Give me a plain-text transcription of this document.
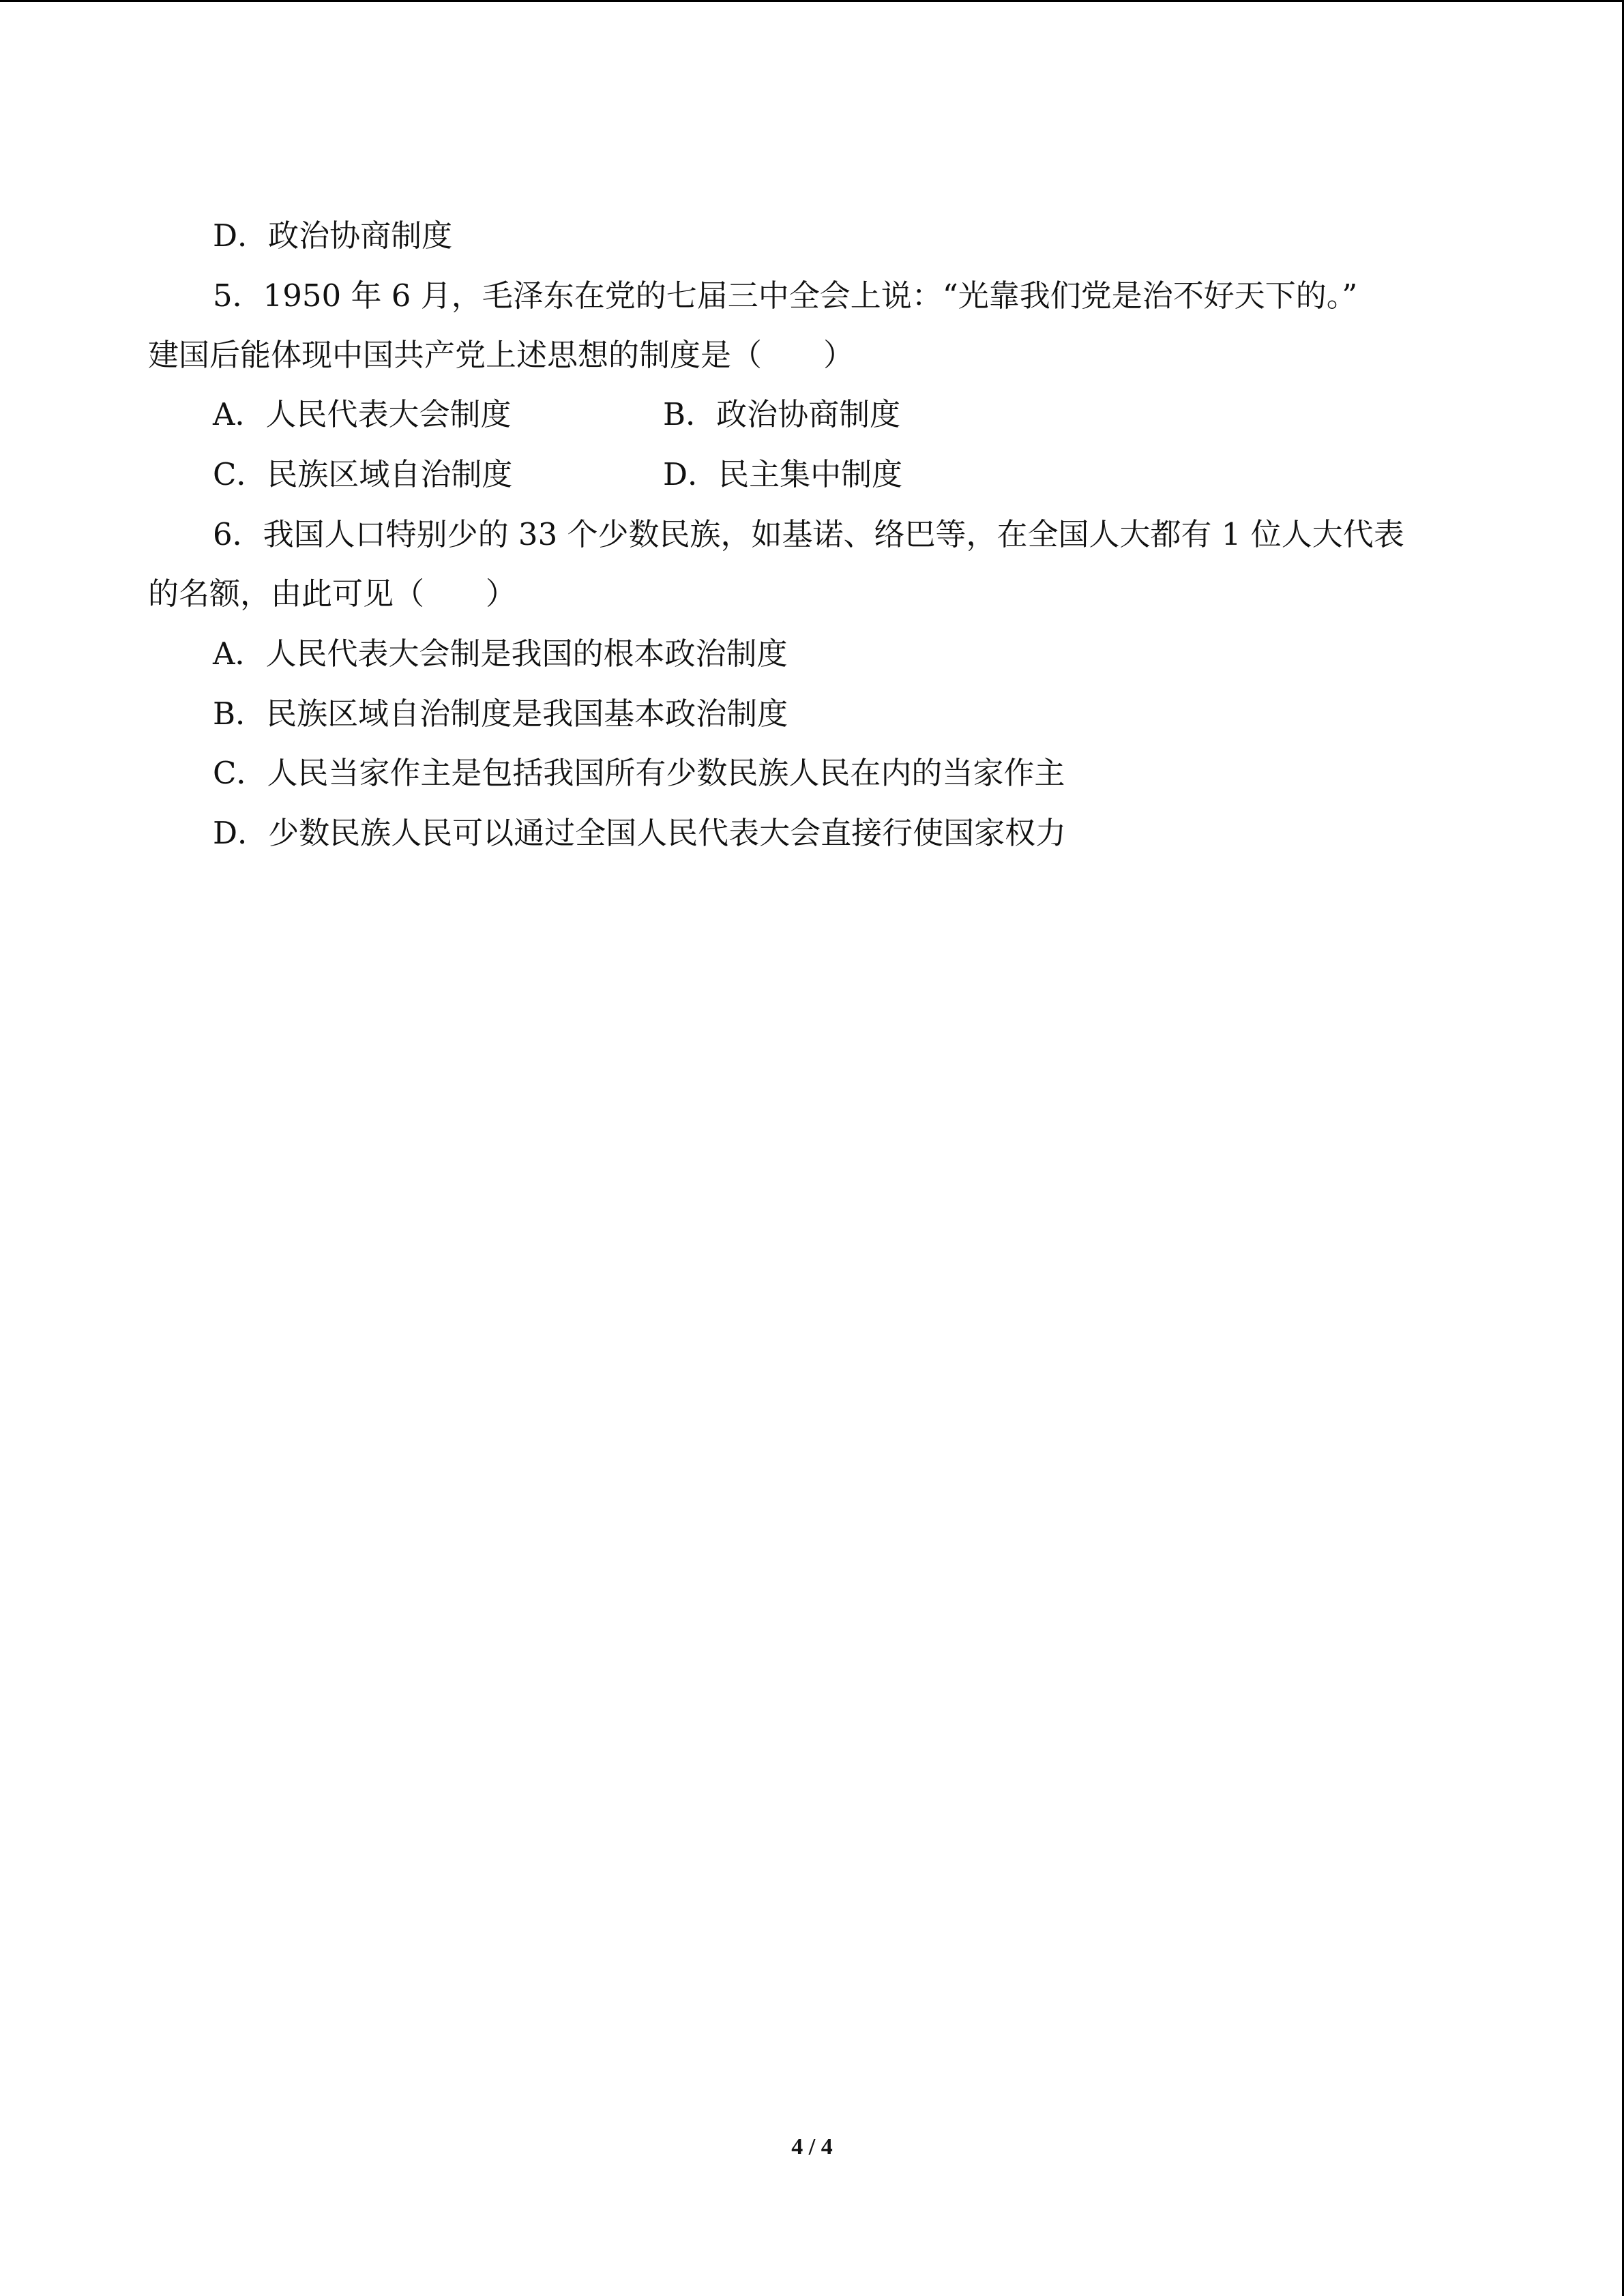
D．政治协商制度
5．1950 年 6 月，毛泽东在党的七届三中全会上说：“光靠我们党是治不好天下的。”
建国后能体现中国共产党上述思想的制度是（　　）
A．人民代表大会制度	B．政治协商制度
C．民族区域自治制度	D．民主集中制度
6．我国人口特别少的 33 个少数民族，如基诺、络巴等，在全国人大都有 1 位人大代表
的名额，由此可见（　　）
A．人民代表大会制是我国的根本政治制度
B．民族区域自治制度是我国基本政治制度
C．人民当家作主是包括我国所有少数民族人民在内的当家作主
D．少数民族人民可以通过全国人民代表大会直接行使国家权力
4 / 4
